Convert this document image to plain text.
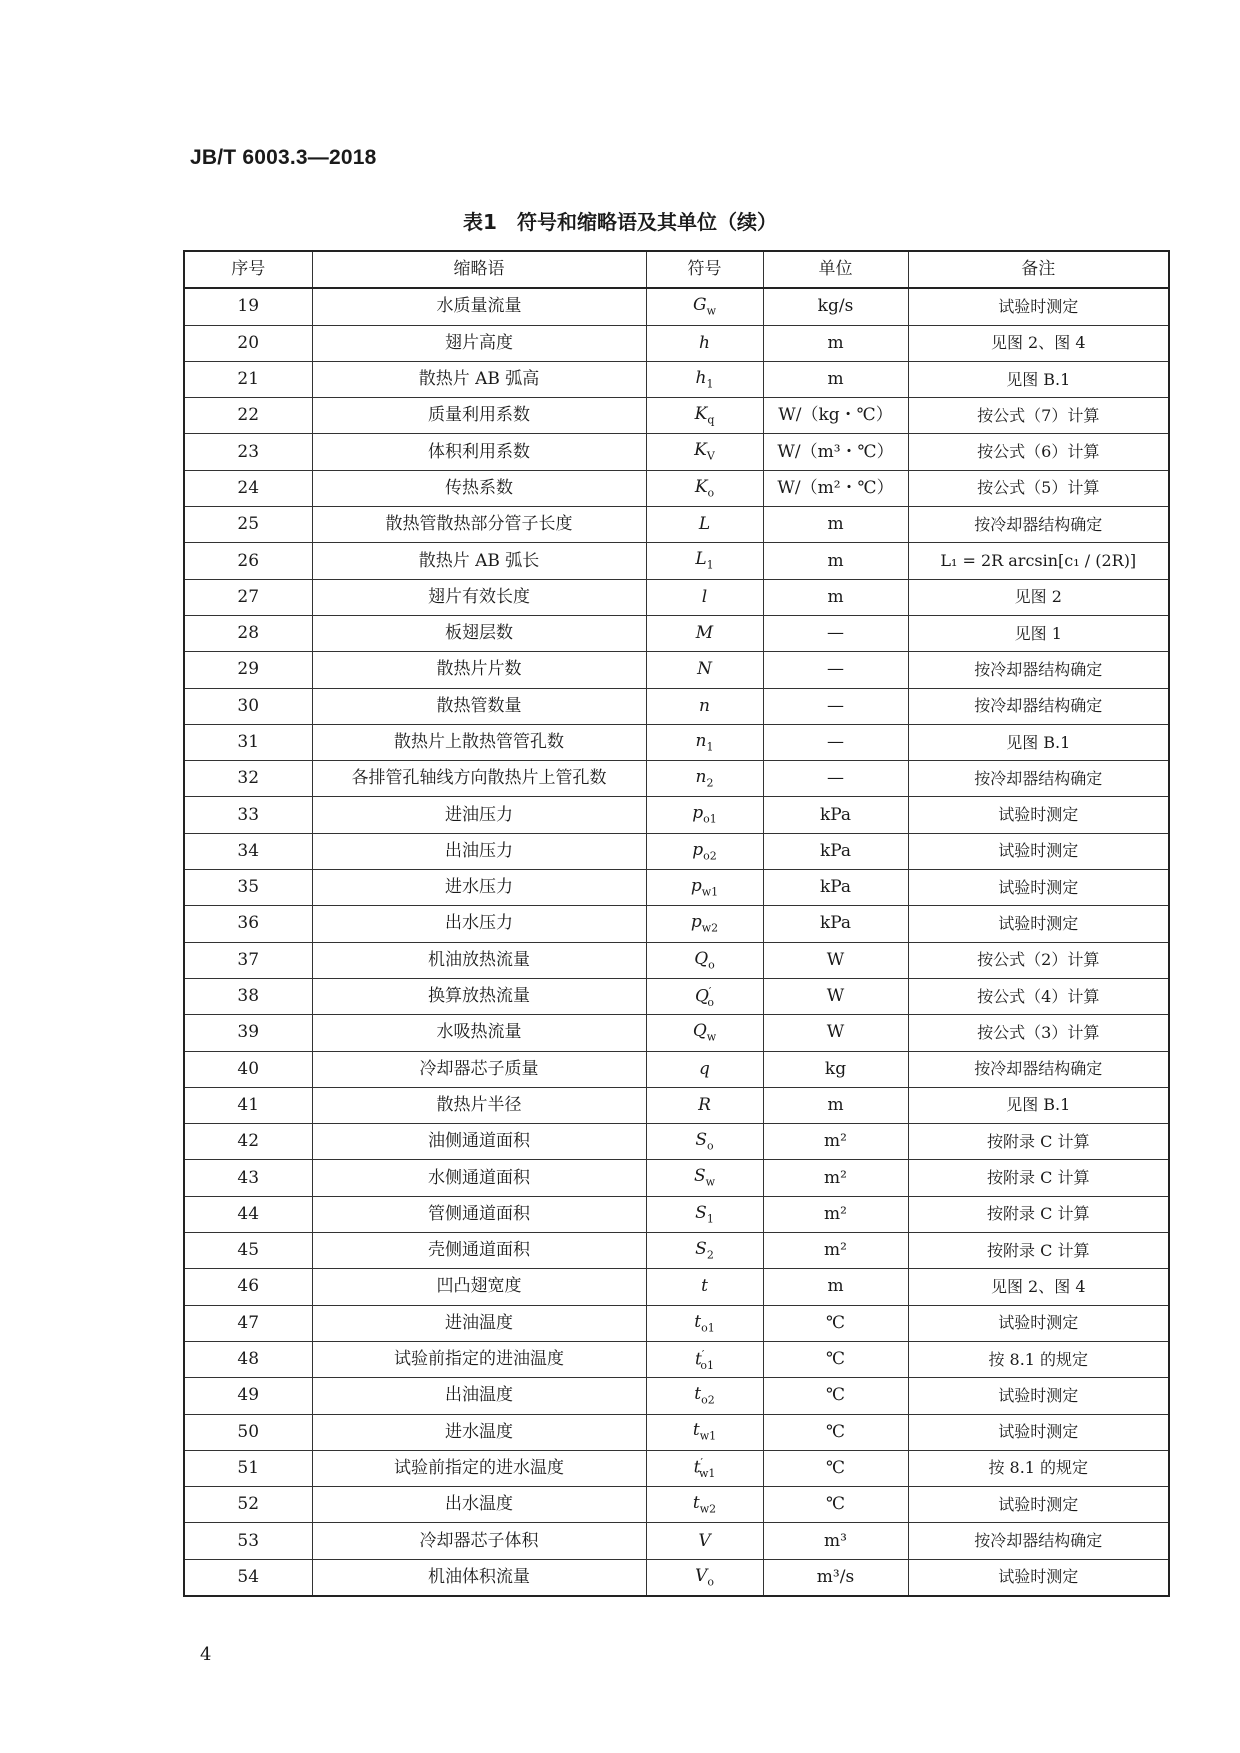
JB/T 6003.3—2018
表1　符号和缩略语及其单位（续）
序号	缩略语	符号	单位	备注
19	水质量流量	$G_w$	kg/s	试验时测定
20	翅片高度	h	m	见图 2、图 4
21	散热片 AB 弧高	$h_1$	m	见图 B.1
22	质量利用系数	$K_q$	W/（kg・℃）	按公式（7）计算
23	体积利用系数	$K_V$	W/（m³・℃）	按公式（6）计算
24	传热系数	$K_o$	W/（m²・℃）	按公式（5）计算
25	散热管散热部分管子长度	L	m	按冷却器结构确定
26	散热片 AB 弧长	$L_1$	m	L₁ = 2R arcsin[c₁ / (2R)]
27	翅片有效长度	l	m	见图 2
28	板翅层数	M	—	见图 1
29	散热片片数	N	—	按冷却器结构确定
30	散热管数量	n	—	按冷却器结构确定
31	散热片上散热管管孔数	$n_1$	—	见图 B.1
32	各排管孔轴线方向散热片上管孔数	$n_2$	—	按冷却器结构确定
33	进油压力	$p_{o1}$	kPa	试验时测定
34	出油压力	$p_{o2}$	kPa	试验时测定
35	进水压力	$p_{w1}$	kPa	试验时测定
36	出水压力	$p_{w2}$	kPa	试验时测定
37	机油放热流量	$Q_o$	W	按公式（2）计算
38	换算放热流量	$Q'_o$	W	按公式（4）计算
39	水吸热流量	$Q_w$	W	按公式（3）计算
40	冷却器芯子质量	q	kg	按冷却器结构确定
41	散热片半径	R	m	见图 B.1
42	油侧通道面积	$S_o$	m²	按附录 C 计算
43	水侧通道面积	$S_w$	m²	按附录 C 计算
44	管侧通道面积	$S_1$	m²	按附录 C 计算
45	壳侧通道面积	$S_2$	m²	按附录 C 计算
46	凹凸翅宽度	t	m	见图 2、图 4
47	进油温度	$t_{o1}$	℃	试验时测定
48	试验前指定的进油温度	$t'_{o1}$	℃	按 8.1 的规定
49	出油温度	$t_{o2}$	℃	试验时测定
50	进水温度	$t_{w1}$	℃	试验时测定
51	试验前指定的进水温度	$t'_{w1}$	℃	按 8.1 的规定
52	出水温度	$t_{w2}$	℃	试验时测定
53	冷却器芯子体积	V	m³	按冷却器结构确定
54	机油体积流量	$V_o$	m³/s	试验时测定
4
